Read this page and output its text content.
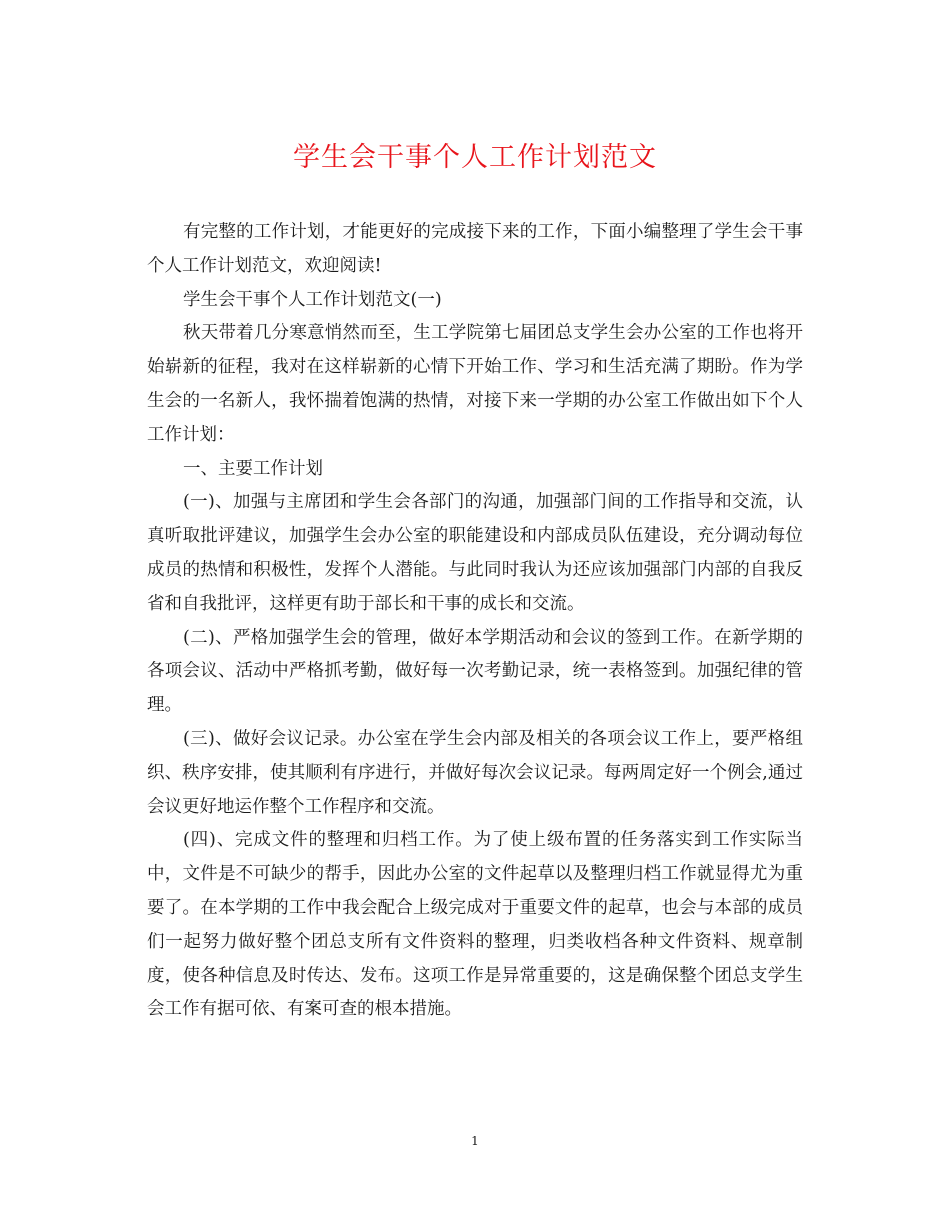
学生会干事个人工作计划范文

有完整的工作计划，才能更好的完成接下来的工作，下面小编整理了学生会干事个人工作计划范文，欢迎阅读!

学生会干事个人工作计划范文(一)

秋天带着几分寒意悄然而至，生工学院第七届团总支学生会办公室的工作也将开始崭新的征程，我对在这样崭新的心情下开始工作、学习和生活充满了期盼。作为学生会的一名新人，我怀揣着饱满的热情，对接下来一学期的办公室工作做出如下个人工作计划：

一、主要工作计划

(一)、加强与主席团和学生会各部门的沟通，加强部门间的工作指导和交流，认真听取批评建议，加强学生会办公室的职能建设和内部成员队伍建设，充分调动每位成员的热情和积极性，发挥个人潜能。与此同时我认为还应该加强部门内部的自我反省和自我批评，这样更有助于部长和干事的成长和交流。

(二)、严格加强学生会的管理，做好本学期活动和会议的签到工作。在新学期的各项会议、活动中严格抓考勤，做好每一次考勤记录，统一表格签到。加强纪律的管理。

(三)、做好会议记录。办公室在学生会内部及相关的各项会议工作上，要严格组织、秩序安排，使其顺利有序进行，并做好每次会议记录。每两周定好一个例会,通过会议更好地运作整个工作程序和交流。

(四)、完成文件的整理和归档工作。为了使上级布置的任务落实到工作实际当中，文件是不可缺少的帮手，因此办公室的文件起草以及整理归档工作就显得尤为重要了。在本学期的工作中我会配合上级完成对于重要文件的起草，也会与本部的成员们一起努力做好整个团总支所有文件资料的整理，归类收档各种文件资料、规章制度，使各种信息及时传达、发布。这项工作是异常重要的，这是确保整个团总支学生会工作有据可依、有案可查的根本措施。

1
